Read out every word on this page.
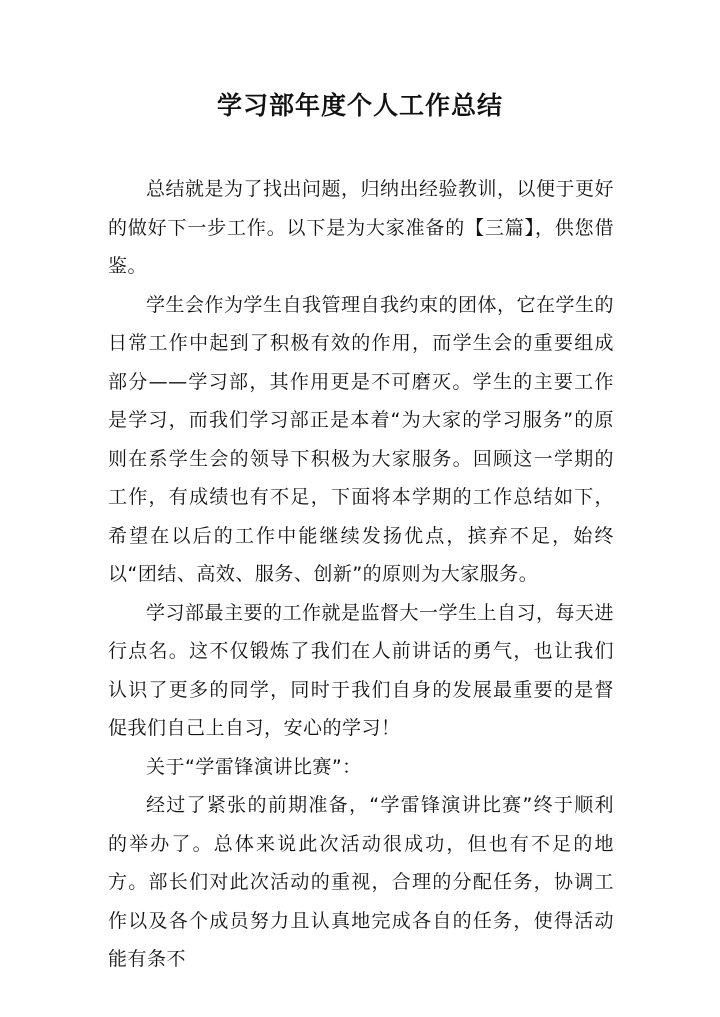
学习部年度个人工作总结

总结就是为了找出问题，归纳出经验教训，以便于更好的做好下一步工作。以下是为大家准备的【三篇】，供您借鉴。

学生会作为学生自我管理自我约束的团体，它在学生的日常工作中起到了积极有效的作用，而学生会的重要组成部分——学习部，其作用更是不可磨灭。学生的主要工作是学习，而我们学习部正是本着“为大家的学习服务”的原则在系学生会的领导下积极为大家服务。回顾这一学期的工作，有成绩也有不足，下面将本学期的工作总结如下，希望在以后的工作中能继续发扬优点，摈弃不足，始终以“团结、高效、服务、创新”的原则为大家服务。

学习部最主要的工作就是监督大一学生上自习，每天进行点名。这不仅锻炼了我们在人前讲话的勇气，也让我们认识了更多的同学，同时于我们自身的发展最重要的是督促我们自己上自习，安心的学习！

关于“学雷锋演讲比赛”：

经过了紧张的前期准备，“学雷锋演讲比赛”终于顺利的举办了。总体来说此次活动很成功，但也有不足的地方。部长们对此次活动的重视，合理的分配任务，协调工作以及各个成员努力且认真地完成各自的任务，使得活动能有条不
